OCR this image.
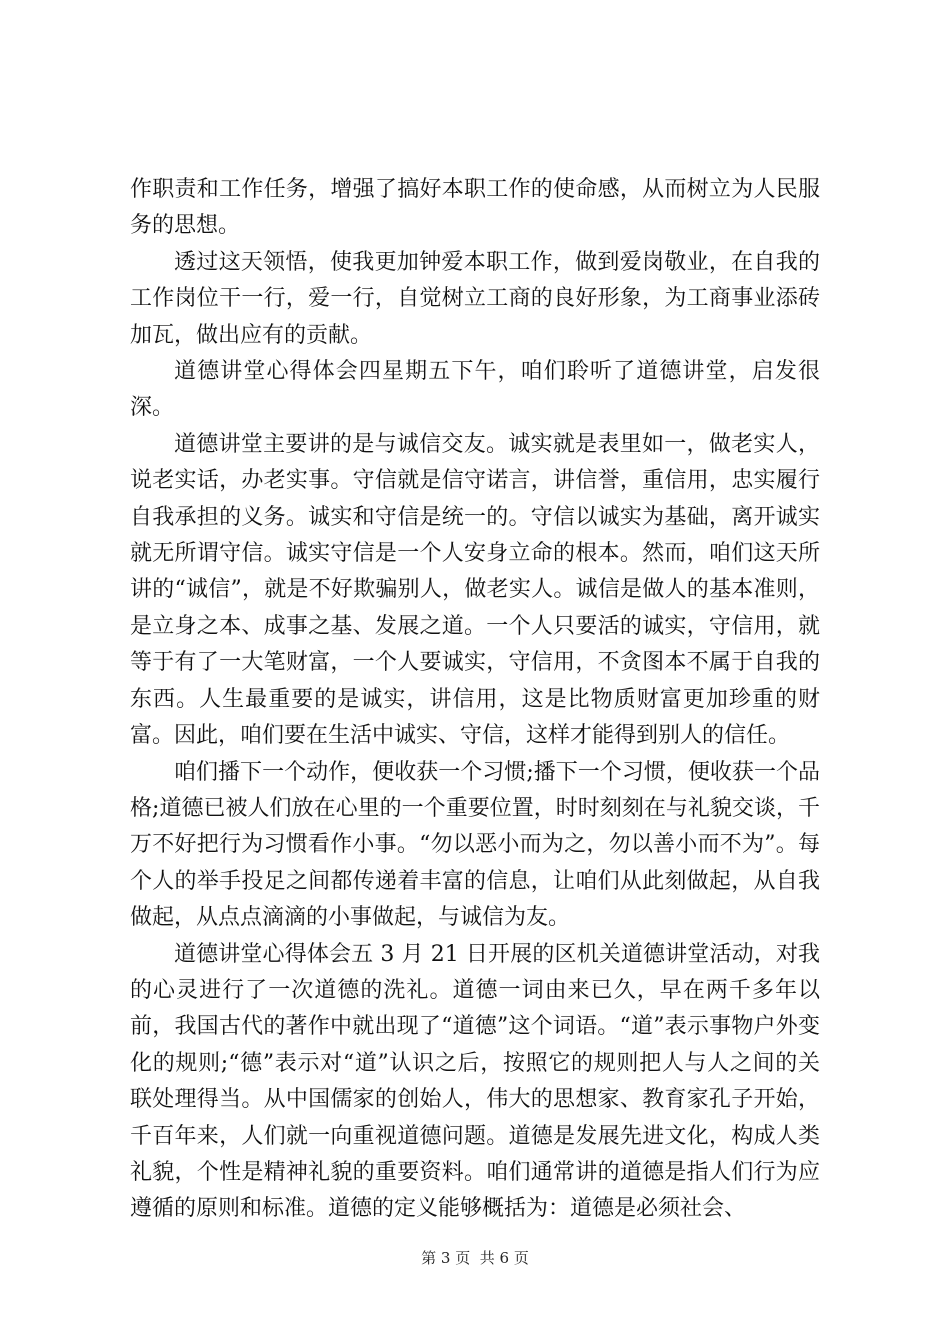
作职责和工作任务，增强了搞好本职工作的使命感，从而树立为人民服务的思想。

透过这天领悟，使我更加钟爱本职工作，做到爱岗敬业，在自我的工作岗位干一行，爱一行，自觉树立工商的良好形象，为工商事业添砖加瓦，做出应有的贡献。

道德讲堂心得体会四星期五下午，咱们聆听了道德讲堂，启发很深。

道德讲堂主要讲的是与诚信交友。诚实就是表里如一，做老实人，说老实话，办老实事。守信就是信守诺言，讲信誉，重信用，忠实履行自我承担的义务。诚实和守信是统一的。守信以诚实为基础，离开诚实就无所谓守信。诚实守信是一个人安身立命的根本。然而，咱们这天所讲的“诚信”，就是不好欺骗别人，做老实人。诚信是做人的基本准则，是立身之本、成事之基、发展之道。一个人只要活的诚实，守信用，就等于有了一大笔财富，一个人要诚实，守信用，不贪图本不属于自我的东西。人生最重要的是诚实，讲信用，这是比物质财富更加珍重的财富。因此，咱们要在生活中诚实、守信，这样才能得到别人的信任。

咱们播下一个动作，便收获一个习惯;播下一个习惯，便收获一个品格;道德已被人们放在心里的一个重要位置，时时刻刻在与礼貌交谈，千万不好把行为习惯看作小事。“勿以恶小而为之，勿以善小而不为”。每个人的举手投足之间都传递着丰富的信息，让咱们从此刻做起，从自我做起，从点点滴滴的小事做起，与诚信为友。

道德讲堂心得体会五 3 月 21 日开展的区机关道德讲堂活动，对我的心灵进行了一次道德的洗礼。道德一词由来已久，早在两千多年以前，我国古代的著作中就出现了“道德”这个词语。“道”表示事物户外变化的规则;“德”表示对“道”认识之后，按照它的规则把人与人之间的关联处理得当。从中国儒家的创始人，伟大的思想家、教育家孔子开始，千百年来，人们就一向重视道德问题。道德是发展先进文化，构成人类礼貌，个性是精神礼貌的重要资料。咱们通常讲的道德是指人们行为应遵循的原则和标准。道德的定义能够概括为：道德是必须社会、

第 3 页  共 6 页
